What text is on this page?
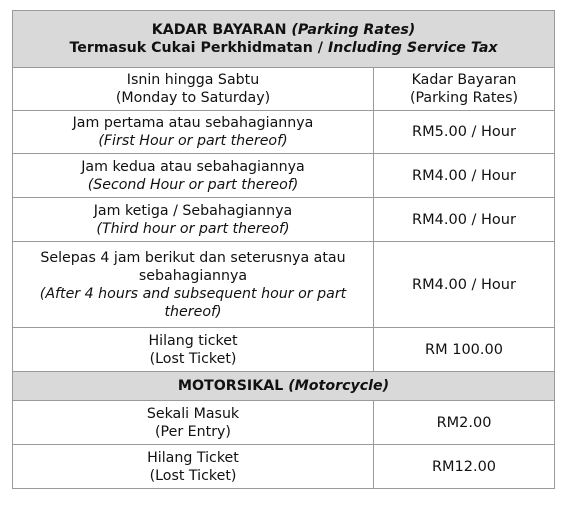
KADAR BAYARAN (Parking Rates)
Termasuk Cukai Perkhidmatan / Including Service Tax	

Isnin hingga Sabtu
(Monday to Saturday)	Kadar Bayaran
(Parking Rates)

Jam pertama atau sebahagiannya
(First Hour or part thereof)	RM5.00 / Hour

Jam kedua atau sebahagiannya
(Second Hour or part thereof)	RM4.00 / Hour

Jam ketiga / Sebahagiannya
(Third hour or part thereof)	RM4.00 / Hour

Selepas 4 jam berikut dan seterusnya atau
sebahagiannya
(After 4 hours and subsequent hour or part
thereof)	RM4.00 / Hour

Hilang ticket
(Lost Ticket)	RM 100.00
MOTORSIKAL (Motorcycle)	

Sekali Masuk
(Per Entry)	RM2.00

Hilang Ticket
(Lost Ticket)	RM12.00
